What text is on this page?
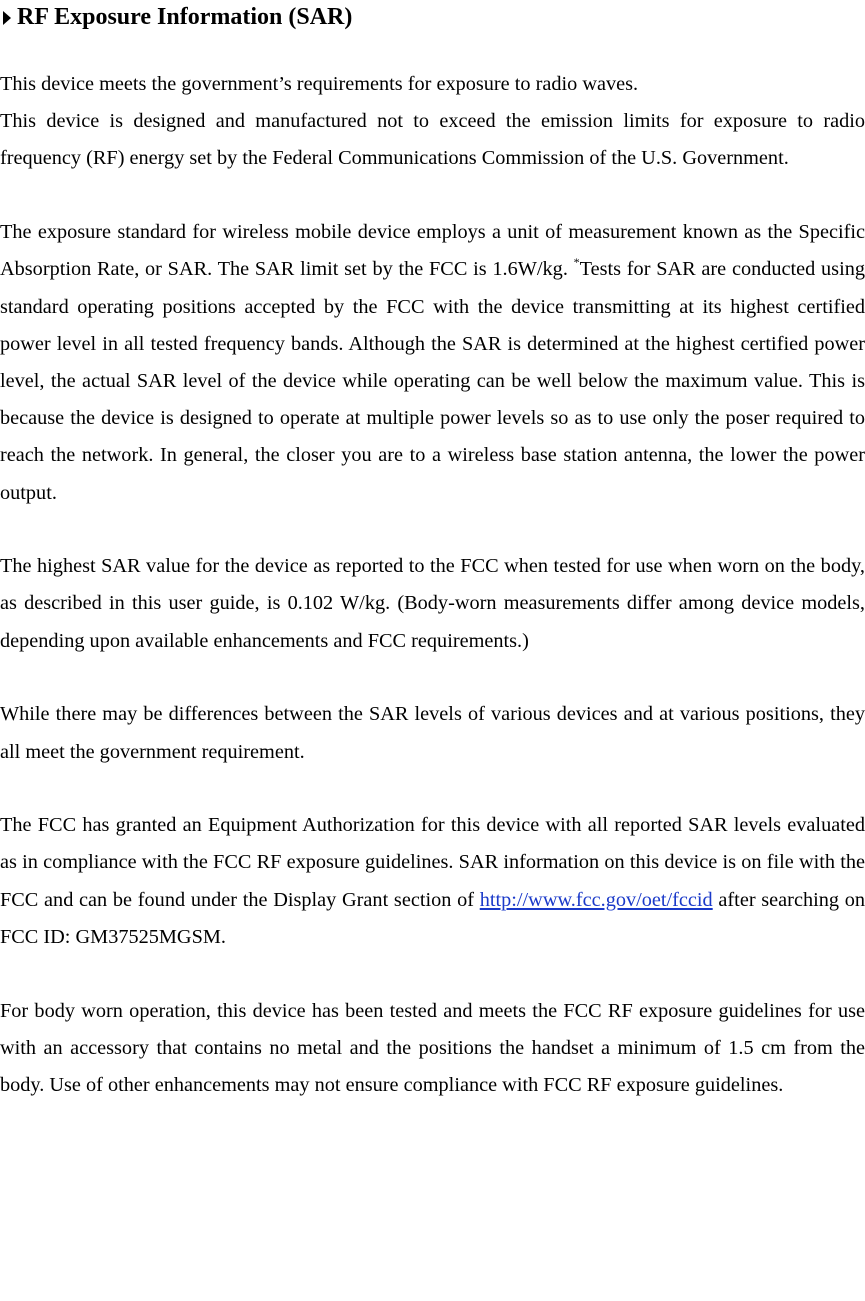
RF Exposure Information (SAR)

This device meets the government’s requirements for exposure to radio waves.

This device is designed and manufactured not to exceed the emission limits for exposure to radio frequency (RF) energy set by the Federal Communications Commission of the U.S. Government.

The exposure standard for wireless mobile device employs a unit of measurement known as the Specific Absorption Rate, or SAR. The SAR limit set by the FCC is 1.6W/kg. *Tests for SAR are conducted using standard operating positions accepted by the FCC with the device transmitting at its highest certified power level in all tested frequency bands. Although the SAR is determined at the highest certified power level, the actual SAR level of the device while operating can be well below the maximum value. This is because the device is designed to operate at multiple power levels so as to use only the poser required to reach the network. In general, the closer you are to a wireless base station antenna, the lower the power output.

The highest SAR value for the device as reported to the FCC when tested for use when worn on the body, as described in this user guide, is 0.102 W/kg. (Body-worn measurements differ among device models, depending upon available enhancements and FCC requirements.)

While there may be differences between the SAR levels of various devices and at various positions, they all meet the government requirement.

The FCC has granted an Equipment Authorization for this device with all reported SAR levels evaluated as in compliance with the FCC RF exposure guidelines. SAR information on this device is on file with the FCC and can be found under the Display Grant section of http://www.fcc.gov/oet/fccid after searching on FCC ID: GM37525MGSM.

For body worn operation, this device has been tested and meets the FCC RF exposure guidelines for use with an accessory that contains no metal and the positions the handset a minimum of 1.5 cm from the body. Use of other enhancements may not ensure compliance with FCC RF exposure guidelines.
